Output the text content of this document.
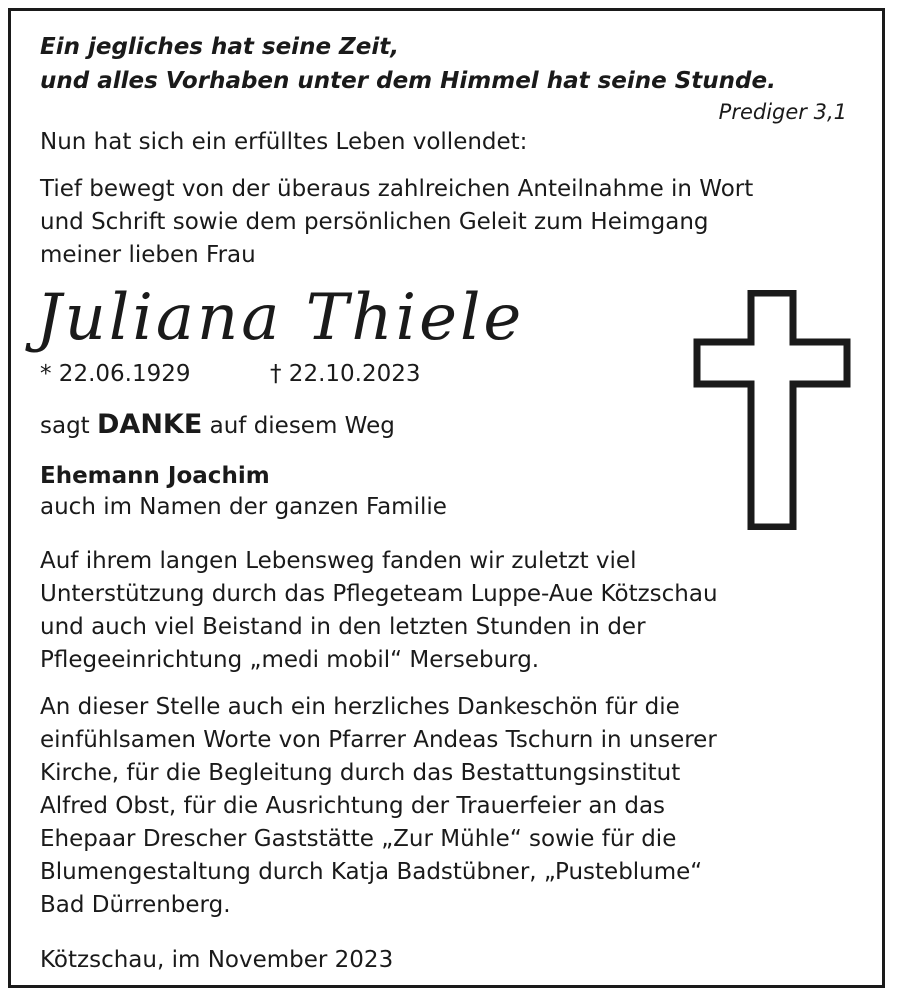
Ein jegliches hat seine Zeit,
und alles Vorhaben unter dem Himmel hat seine Stunde.

Prediger 3,1

Nun hat sich ein erfülltes Leben vollendet:

Tief bewegt von der überaus zahlreichen Anteilnahme in Wort
und Schrift sowie dem persönlichen Geleit zum Heimgang
meiner lieben Frau

Juliana Thiele

* 22.06.1929	† 22.10.2023

sagt DANKE auf diesem Weg

Ehemann Joachim

auch im Namen der ganzen Familie

Auf ihrem langen Lebensweg fanden wir zuletzt viel
Unterstützung durch das Pflegeteam Luppe-Aue Kötzschau
und auch viel Beistand in den letzten Stunden in der
Pflegeeinrichtung „medi mobil“ Merseburg.

An dieser Stelle auch ein herzliches Dankeschön für die
einfühlsamen Worte von Pfarrer Andeas Tschurn in unserer
Kirche, für die Begleitung durch das Bestattungsinstitut
Alfred Obst, für die Ausrichtung der Trauerfeier an das
Ehepaar Drescher Gaststätte „Zur Mühle“ sowie für die
Blumengestaltung durch Katja Badstübner, „Pusteblume“
Bad Dürrenberg.

Kötzschau, im November 2023
